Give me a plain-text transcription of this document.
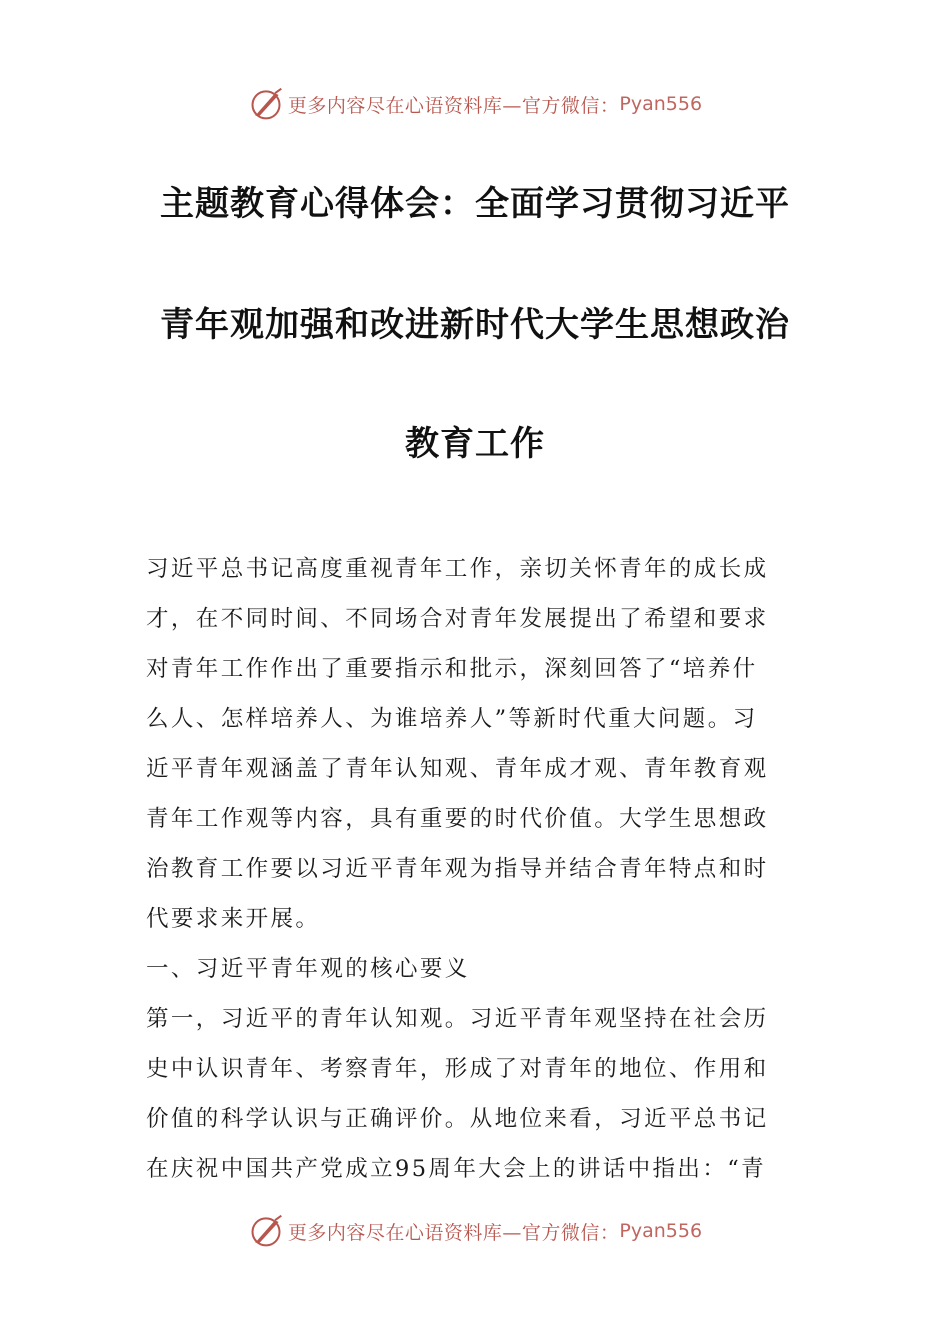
更多内容尽在心语资料库—官方微信： Pyan556
主题教育心得体会：全面学习贯彻习近平
青年观加强和改进新时代大学生思想政治
教育工作
习近平总书记高度重视青年工作，亲切关怀青年的成长成
才，在不同时间、不同场合对青年发展提出了希望和要求
对青年工作作出了重要指示和批示，深刻回答了“培养什
么人、怎样培养人、为谁培养人”等新时代重大问题。习
近平青年观涵盖了青年认知观、青年成才观、青年教育观
青年工作观等内容，具有重要的时代价值。大学生思想政
治教育工作要以习近平青年观为指导并结合青年特点和时
代要求来开展。
一、习近平青年观的核心要义
第一，习近平的青年认知观。习近平青年观坚持在社会历
史中认识青年、考察青年，形成了对青年的地位、作用和
价值的科学认识与正确评价。从地位来看，习近平总书记
在庆祝中国共产党成立95周年大会上的讲话中指出：“青
更多内容尽在心语资料库—官方微信： Pyan556
